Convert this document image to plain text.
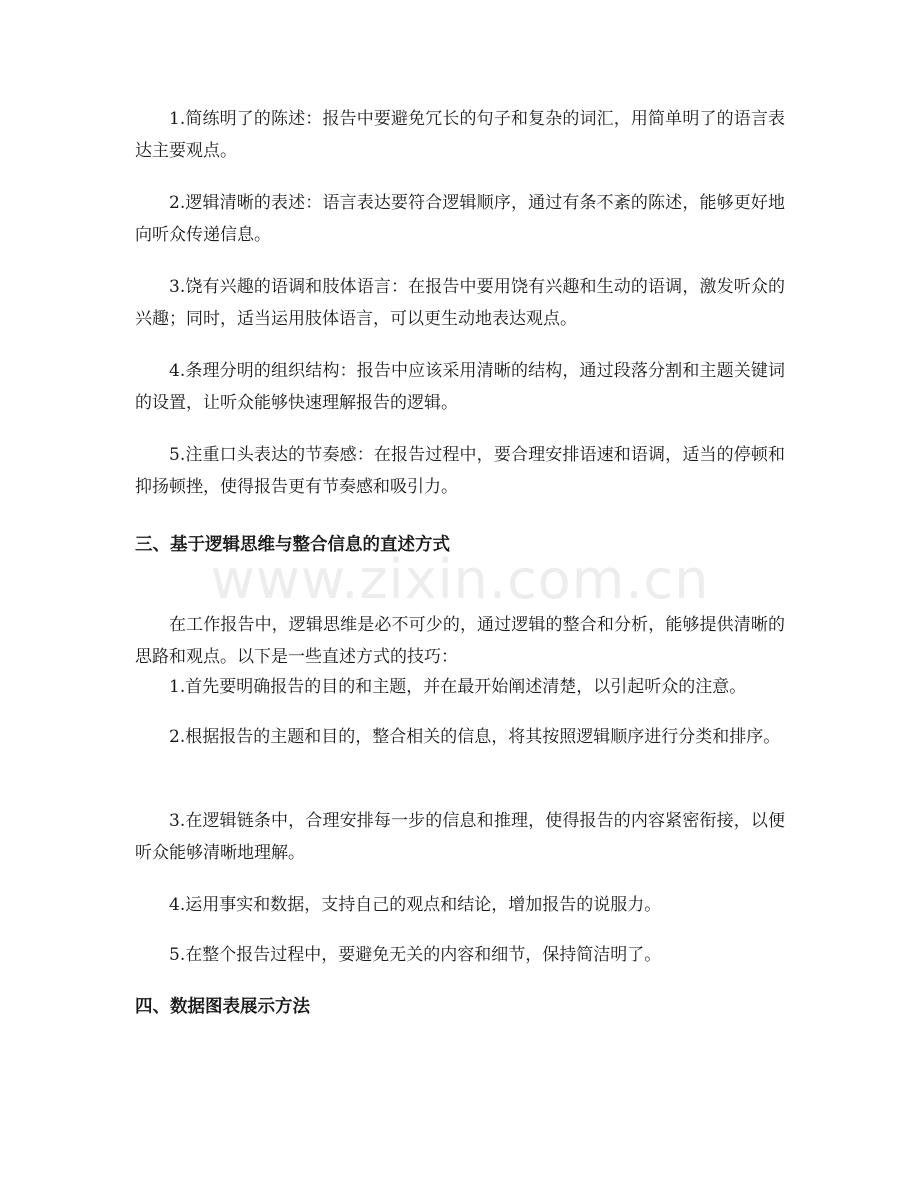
1.简练明了的陈述：报告中要避免冗长的句子和复杂的词汇，用简单明了的语言表达主要观点。

2.逻辑清晰的表述：语言表达要符合逻辑顺序，通过有条不紊的陈述，能够更好地向听众传递信息。

3.饶有兴趣的语调和肢体语言：在报告中要用饶有兴趣和生动的语调，激发听众的兴趣；同时，适当运用肢体语言，可以更生动地表达观点。

4.条理分明的组织结构：报告中应该采用清晰的结构，通过段落分割和主题关键词的设置，让听众能够快速理解报告的逻辑。

5.注重口头表达的节奏感：在报告过程中，要合理安排语速和语调，适当的停顿和抑扬顿挫，使得报告更有节奏感和吸引力。

三、基于逻辑思维与整合信息的直述方式

在工作报告中，逻辑思维是必不可少的，通过逻辑的整合和分析，能够提供清晰的思路和观点。以下是一些直述方式的技巧：

1.首先要明确报告的目的和主题，并在最开始阐述清楚，以引起听众的注意。

2.根据报告的主题和目的，整合相关的信息，将其按照逻辑顺序进行分类和排序。

3.在逻辑链条中，合理安排每一步的信息和推理，使得报告的内容紧密衔接，以便听众能够清晰地理解。

4.运用事实和数据，支持自己的观点和结论，增加报告的说服力。

5.在整个报告过程中，要避免无关的内容和细节，保持简洁明了。

四、数据图表展示方法
www.zixin.com.cn
